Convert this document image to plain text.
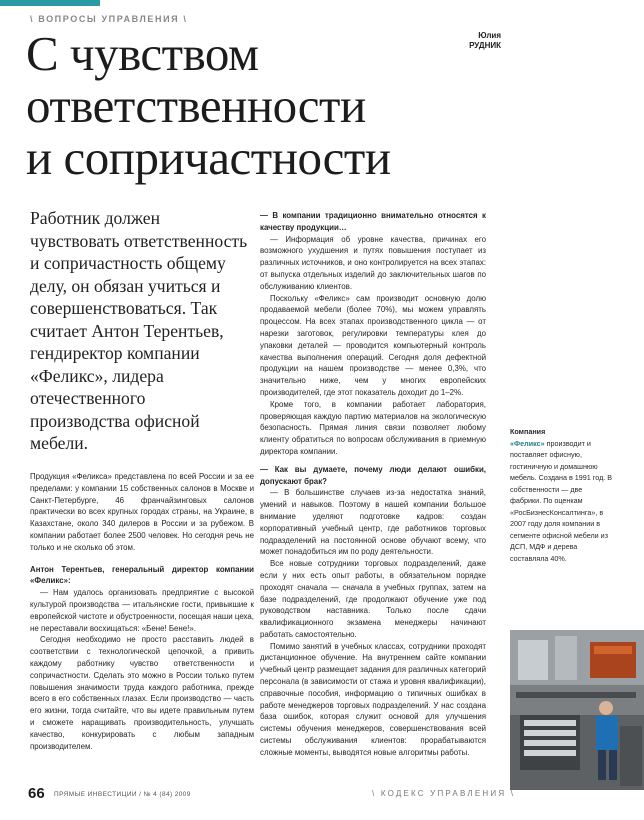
\ ВОПРОСЫ УПРАВЛЕНИЯ \
Юлия
РУДНИК
С чувством
ответственности
и сопричастности
Работник должен чувствовать ответственность и сопричастность общему делу, он обязан учиться и совершенствоваться. Так считает Антон Терентьев, гендиректор компании «Феликс», лидера отечественного производства офисной мебели.

Продукция «Феликса» представлена по всей России и за ее пределами: у компании 15 собственных салонов в Москве и Санкт-Петербурге, 46 франчайзинговых салонов практически во всех крупных городах страны, на Украине, в Казахстане, около 340 дилеров в России и за рубежом. В компании работает более 2500 человек. Но сегодня речь не только и не сколько об этом.

Антон Терентьев, генеральный директор компании «Феликс»:

— Нам удалось организовать предприятие с высокой культурой производства — итальянские гости, привыкшие к европейской чистоте и обустроенности, посещая наши цеха, не переставали восхищаться: «Бене! Бене!».

Сегодня необходимо не просто расставить людей в соответствии с технологической цепочкой, а привить каждому работнику чувство ответственности и сопричастности. Сделать это можно в России только путем повышения значимости труда каждого работника, прежде всего в его собственных глазах. Если производство — часть его жизни, тогда считайте, что вы идете правильным путем и сможете наращивать производительность, улучшать качество, конкурировать с любым западным производителем.

— В компании традиционно внимательно относятся к качеству продукции…

— Информация об уровне качества, причинах его возможного ухудшения и путях повышения поступает из различных источников, и оно контролируется на всех этапах: от выпуска отдельных изделий до заключительных шагов по обслуживанию клиентов.

Поскольку «Феликс» сам производит основную долю продаваемой мебели (более 70%), мы можем управлять процессом. На всех этапах производственного цикла — от нарезки заготовок, регулировки температуры клея до упаковки деталей — проводится компьютерный контроль качества выполнения операций. Сегодня доля дефектной продукции на нашем производстве — менее 0,3%, что значительно ниже, чем у многих европейских производителей, где этот показатель доходит до 1–2%.

Кроме того, в компании работает лаборатория, проверяющая каждую партию материалов на экологическую безопасность. Прямая линия связи позволяет любому клиенту обратиться по вопросам обслуживания в приемную директора компании.

— Как вы думаете, почему люди делают ошибки, допускают брак?

— В большинстве случаев из-за недостатка знаний, умений и навыков. Поэтому в нашей компании большое внимание уделяют подготовке кадров: создан корпоративный учебный центр, где работников торговых подразделений на постоянной основе обучают всему, что может понадобиться им по роду деятельности.

Все новые сотрудники торговых подразделений, даже если у них есть опыт работы, в обязательном порядке проходят сначала — сначала в учебных группах, затем на базе подразделений, где продолжают обучение уже под руководством наставника. Только после сдачи квалификационного экзамена менеджеры начинают работать самостоятельно.

Помимо занятий в учебных классах, сотрудники проходят дистанционное обучение. На внутреннем сайте компании учебный центр размещает задания для различных категорий персонала (в зависимости от стажа и уровня квалификации), справочные пособия, информацию о типичных ошибках в работе менеджеров торговых подразделений. У нас создана база ошибок, которая служит основой для улучшения системы обучения менеджеров, совершенствования всей системы обслуживания клиентов: прорабатываются сложные моменты, выводятся новые алгоритмы работы.

Компания
«Феликс» производит и поставляет офисную, гостиничную и домашнюю мебель. Создана в 1991 год. В собственности — две фабрики. По оценкам «РосБизнесКонсалтинга», в 2007 году доля компании в сегменте офисной мебели из ДСП, МДФ и дерева составляла 40%.
66 ПРЯМЫЕ ИНВЕСТИЦИИ / № 4 (84) 2009	\ КОДЕКС УПРАВЛЕНИЯ \
